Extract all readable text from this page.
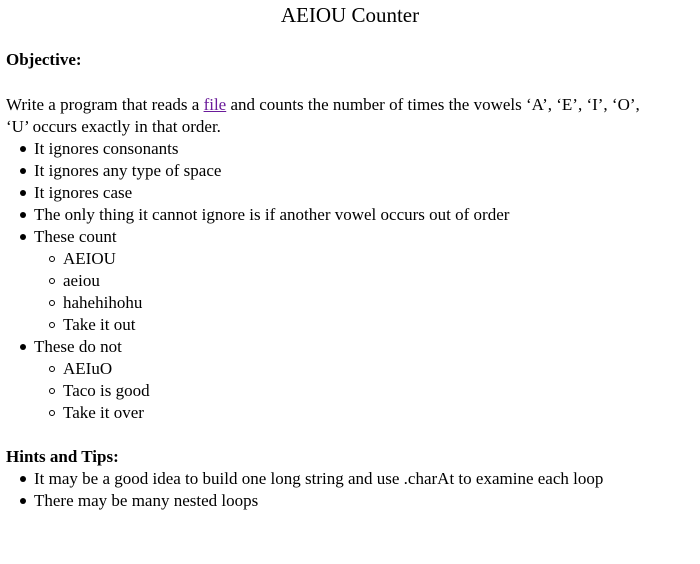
AEIOU Counter
Objective:
Write a program that reads a file and counts the number of times the vowels ‘A’, ‘E’, ‘I’, ‘O’,
‘U’ occurs exactly in that order.
It ignores consonants
It ignores any type of space
It ignores case
The only thing it cannot ignore is if another vowel occurs out of order
These count
AEIOU
aeiou
hahehihohu
Take it out
These do not
AEIuO
Taco is good
Take it over
Hints and Tips:
It may be a good idea to build one long string and use .charAt to examine each loop
There may be many nested loops
